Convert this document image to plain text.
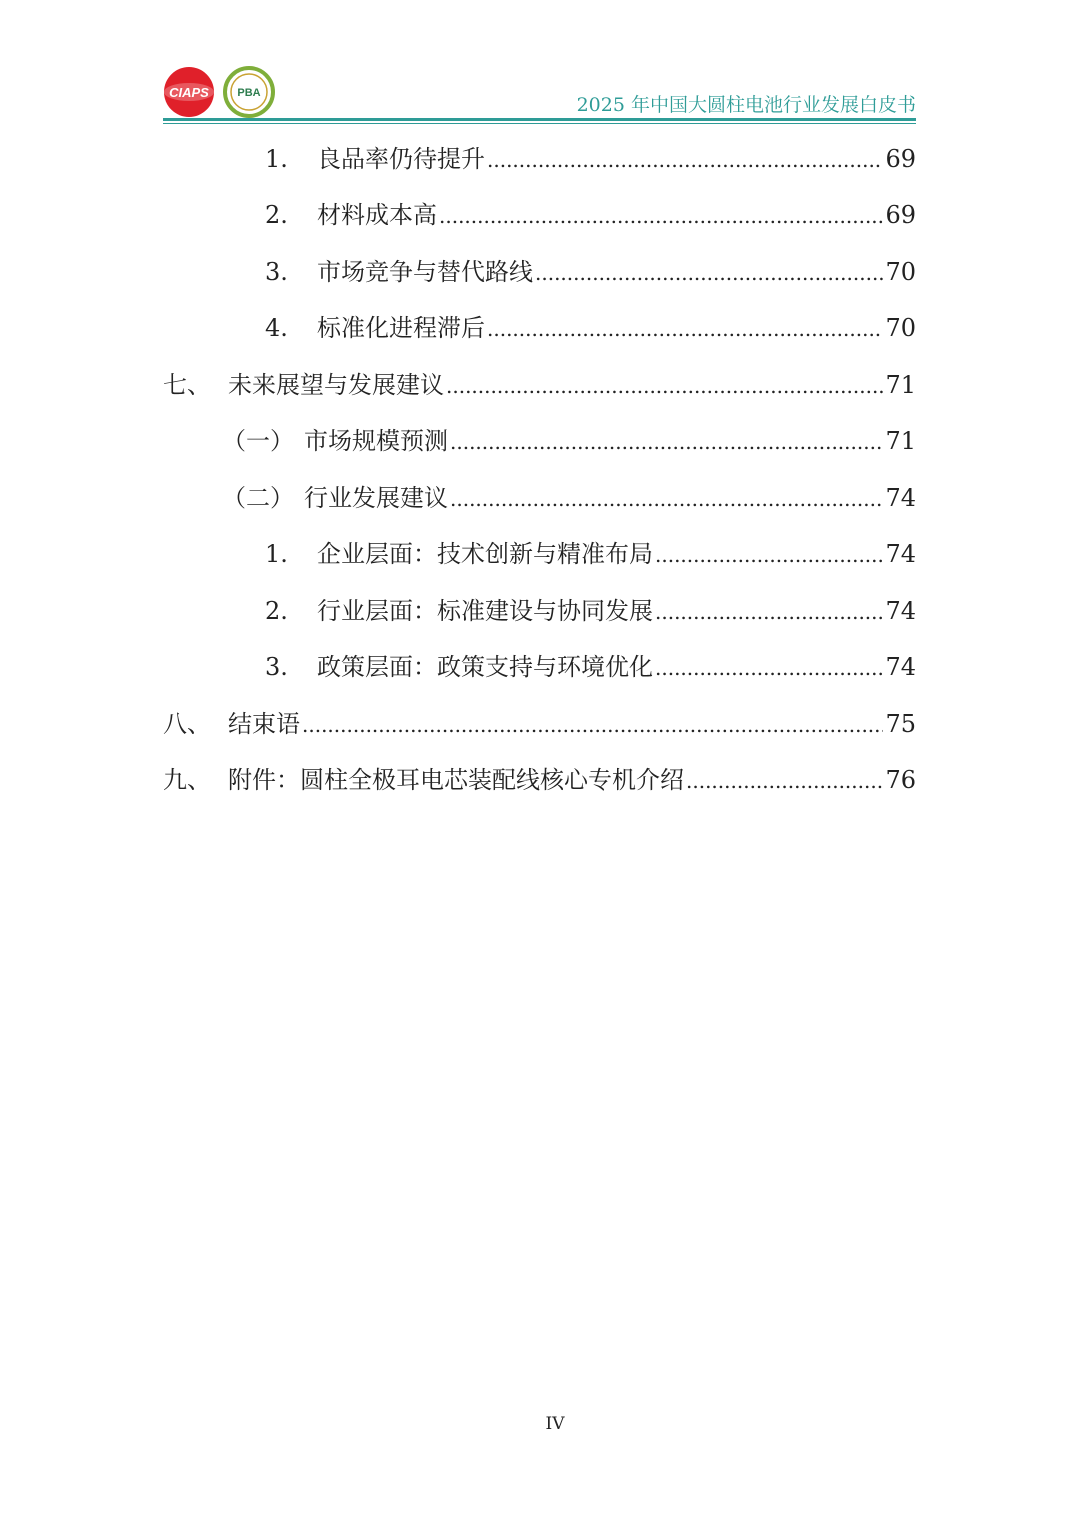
CIAPS	PBA
2025 年中国大圆柱电池行业发展白皮书
1.	良品率仍待提升 .....	69
2.	材料成本高 .....	69
3.	市场竞争与替代路线 .....	70
4.	标准化进程滞后 .....	70
七、 未来展望与发展建议 .....	71
（一） 市场规模预测 .....	71
（二） 行业发展建议 .....	74
1.	企业层面：技术创新与精准布局 .....	74
2.	行业层面：标准建设与协同发展 .....	74
3.	政策层面：政策支持与环境优化 .....	74
八、 结束语 .....	75
九、 附件：圆柱全极耳电芯装配线核心专机介绍 .....	76
IV
